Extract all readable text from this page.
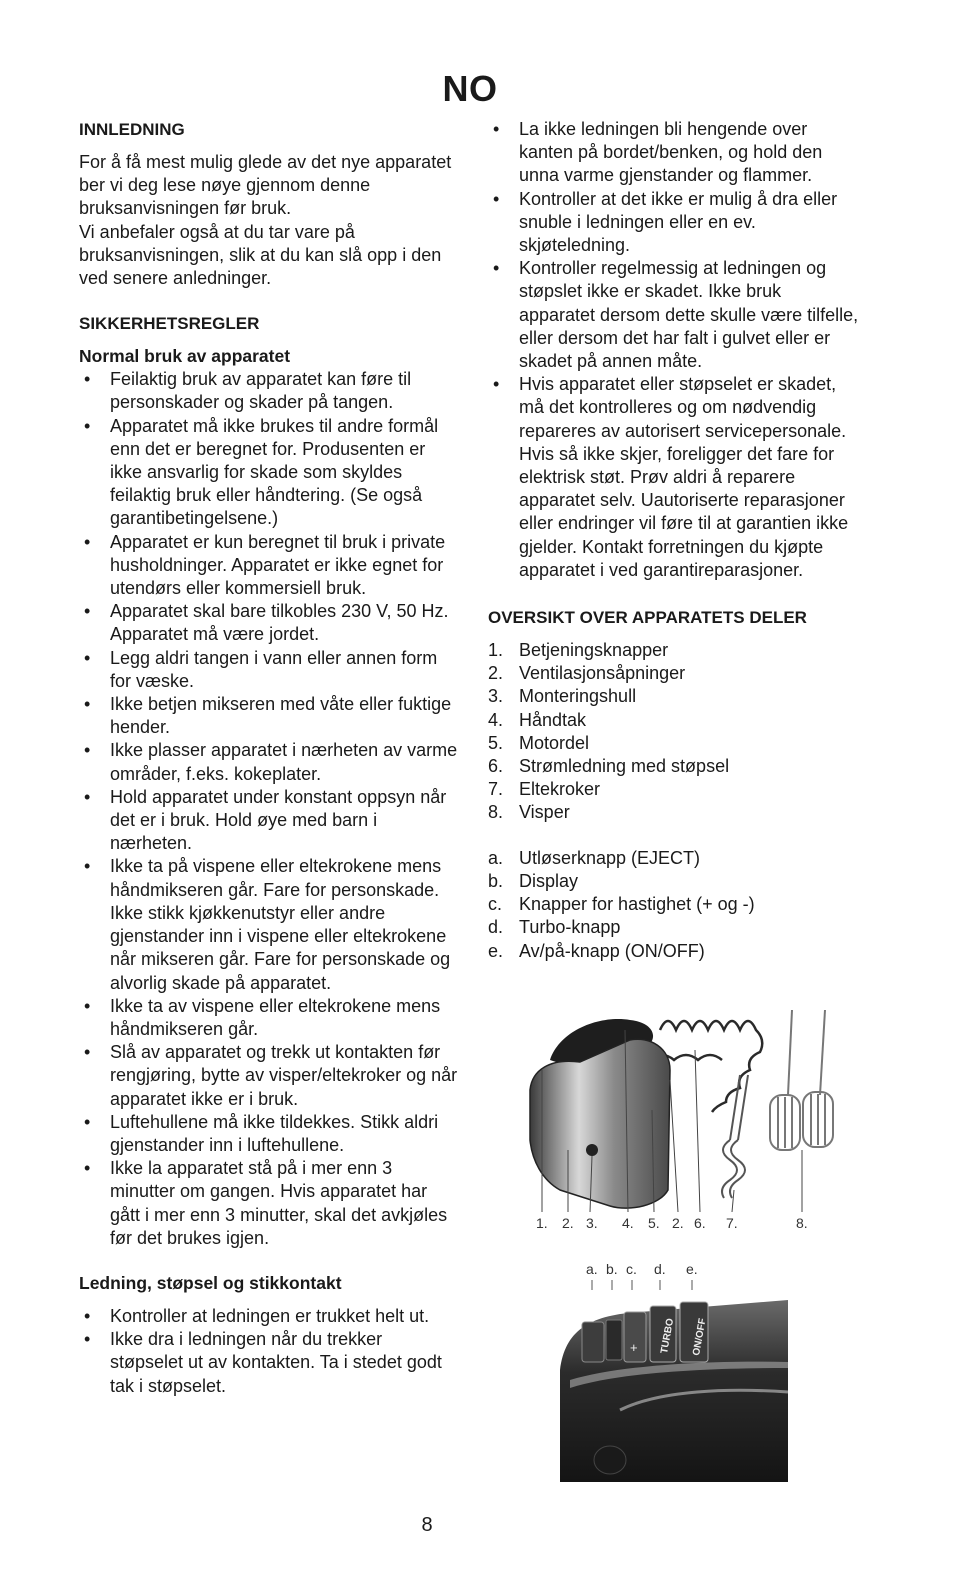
NO
INNLEDNING

For å få mest mulig glede av det nye apparatet ber vi deg lese nøye gjennom denne bruksanvisningen før bruk.

Vi anbefaler også at du tar vare på bruksanvisningen, slik at du kan slå opp i den ved senere anledninger.

SIKKERHETSREGLER
Normal bruk av apparatet
• Feilaktig bruk av apparatet kan føre til personskader og skader på tangen.
• Apparatet må ikke brukes til andre formål enn det er beregnet for. Produsenten er ikke ansvarlig for skade som skyldes feilaktig bruk eller håndtering. (Se også garantibetingelsene.)
• Apparatet er kun beregnet til bruk i private husholdninger. Apparatet er ikke egnet for utendørs eller kommersiell bruk.
• Apparatet skal bare tilkobles 230 V, 50 Hz. Apparatet må være jordet.
• Legg aldri tangen i vann eller annen form for væske.
• Ikke betjen mikseren med våte eller fuktige hender.
• Ikke plasser apparatet i nærheten av varme områder, f.eks. kokeplater.
• Hold apparatet under konstant oppsyn når det er i bruk. Hold øye med barn i nærheten.
• Ikke ta på vispene eller eltekrokene mens håndmikseren går. Fare for personskade. Ikke stikk kjøkkenutstyr eller andre gjenstander inn i vispene eller eltekrokene når mikseren går. Fare for personskade og alvorlig skade på apparatet.
• Ikke ta av vispene eller eltekrokene mens håndmikseren går.
• Slå av apparatet og trekk ut kontakten før rengjøring, bytte av visper/eltekroker og når apparatet ikke er i bruk.
• Luftehullene må ikke tildekkes. Stikk aldri gjenstander inn i luftehullene.
• Ikke la apparatet stå på i mer enn 3 minutter om gangen. Hvis apparatet har gått i mer enn 3 minutter, skal det avkjøles før det brukes igjen.
Ledning, støpsel og stikkontakt
• Kontroller at ledningen er trukket helt ut.
• Ikke dra i ledningen når du trekker støpselet ut av kontakten. Ta i stedet godt tak i støpselet.
• La ikke ledningen bli hengende over kanten på bordet/benken, og hold den unna varme gjenstander og flammer.
• Kontroller at det ikke er mulig å dra eller snuble i ledningen eller en ev. skjøteledning.
• Kontroller regelmessig at ledningen og støpslet ikke er skadet. Ikke bruk apparatet dersom dette skulle være tilfelle, eller dersom det har falt i gulvet eller er skadet på annen måte.
• Hvis apparatet eller støpselet er skadet, må det kontrolleres og om nødvendig repareres av autorisert servicepersonale. Hvis så ikke skjer, foreligger det fare for elektrisk støt. Prøv aldri å reparere apparatet selv. Uautoriserte reparasjoner eller endringer vil føre til at garantien ikke gjelder. Kontakt forretningen du kjøpte apparatet i ved garantireparasjoner.
OVERSIKT OVER APPARATETS DELER
1. Betjeningsknapper
2. Ventilasjonsåpninger
3. Monteringshull
4. Håndtak
5. Motordel
6. Strømledning med støpsel
7. Eltekroker
8. Visper
a. Utløserknapp (EJECT)
b. Display
c. Knapper for hastighet (+ og -)
d. Turbo-knapp
e. Av/på-knapp (ON/OFF)
1. 2. 3. 4. 5. 2. 6. 7.	8.
a. b. c. d. e.
+ TURBO ON/OFF
8
